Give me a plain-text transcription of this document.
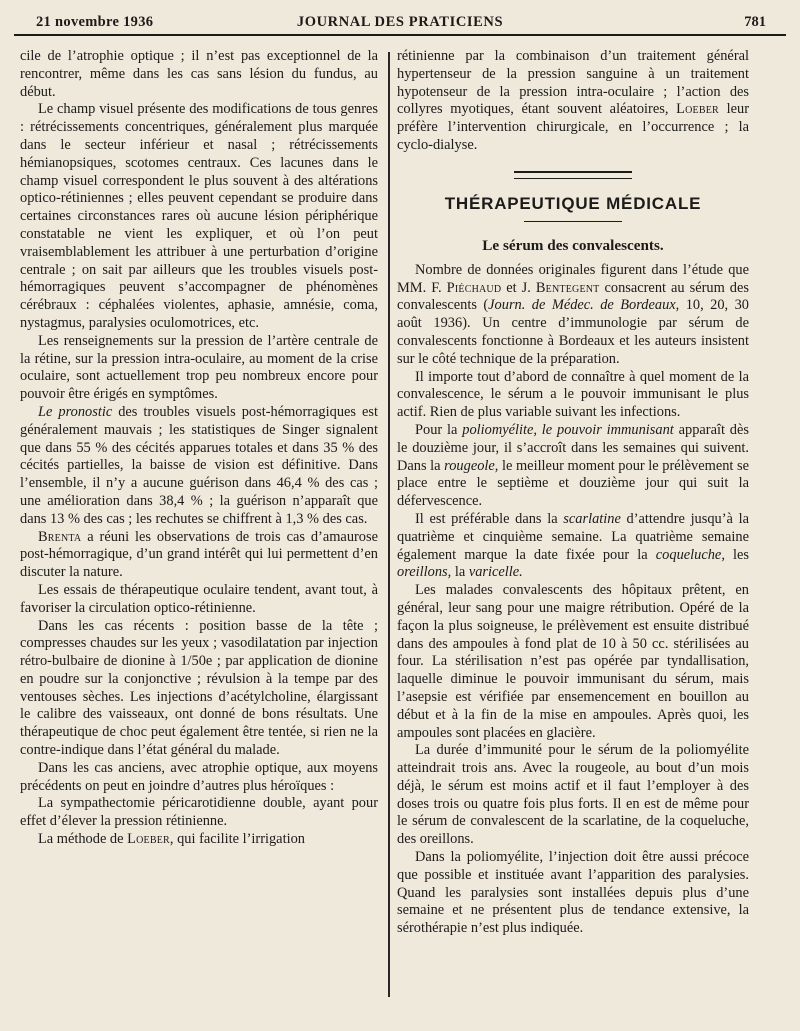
21 novembre 1936	JOURNAL DES PRATICIENS	781

cile de l’atrophie optique ; il n’est pas exceptionnel de la rencontrer, même dans les cas sans lésion du fundus, au début.

Le champ visuel présente des modifications de tous genres : rétrécissements concentriques, généralement plus marquée dans le secteur inférieur et nasal ; rétrécissements hémianopsiques, scotomes centraux. Ces lacunes dans le champ visuel correspondent le plus souvent à des altérations optico-rétiniennes ; elles peuvent cependant se produire dans certaines circonstances rares où aucune lésion périphérique constatable ne vient les expliquer, et où l’on peut vraisemblablement les attribuer à une perturbation d’origine centrale ; on sait par ailleurs que les troubles visuels post-hémorragiques peuvent s’accompagner de phénomènes cérébraux : céphalées violentes, aphasie, amnésie, coma, nystagmus, paralysies oculomotrices, etc.

Les renseignements sur la pression de l’artère centrale de la rétine, sur la pression intra-oculaire, au moment de la crise oculaire, sont actuellement trop peu nombreux encore pour pouvoir être érigés en symptômes.

Le pronostic des troubles visuels post-hémorragiques est généralement mauvais ; les statistiques de Singer signalent que dans 55 % des cécités apparues totales et dans 35 % des cécités partielles, la baisse de vision est définitive. Dans l’ensemble, il n’y a aucune guérison dans 46,4 % des cas ; une amélioration dans 38,4 % ; la guérison n’apparaît que dans 13 % des cas ; les rechutes se chiffrent à 1,3 % des cas.

Brenta a réuni les observations de trois cas d’amaurose post-hémorragique, d’un grand intérêt qui lui permettent d’en discuter la nature.

Les essais de thérapeutique oculaire tendent, avant tout, à favoriser la circulation optico-rétinienne.

Dans les cas récents : position basse de la tête ; compresses chaudes sur les yeux ; vasodilatation par injection rétro-bulbaire de dionine à 1/50e ; par application de dionine en poudre sur la conjonctive ; révulsion à la tempe par des ventouses sèches. Les injections d’acétylcholine, élargissant le calibre des vaisseaux, ont donné de bons résultats. Une thérapeutique de choc peut également être tentée, si rien ne la contre-indique dans l’état général du malade.

Dans les cas anciens, avec atrophie optique, aux moyens précédents on peut en joindre d’autres plus héroïques :

La sympathectomie péricarotidienne double, ayant pour effet d’élever la pression rétinienne.

La méthode de Loeber, qui facilite l’irrigation

rétinienne par la combinaison d’un traitement général hypertenseur de la pression sanguine à un traitement hypotenseur de la pression intra-oculaire ; l’action des collyres myotiques, étant souvent aléatoires, Loeber leur préfère l’intervention chirurgicale, en l’occurrence ; la cyclo-dialyse.

THÉRAPEUTIQUE MÉDICALE
Le sérum des convalescents.

Nombre de données originales figurent dans l’étude que MM. F. Piéchaud et J. Bentegent consacrent au sérum des convalescents (Journ. de Médec. de Bordeaux, 10, 20, 30 août 1936). Un centre d’immunologie par sérum de convalescents fonctionne à Bordeaux et les auteurs insistent sur le côté technique de la préparation.

Il importe tout d’abord de connaître à quel moment de la convalescence, le sérum a le pouvoir immunisant le plus actif. Rien de plus variable suivant les infections.

Pour la poliomyélite, le pouvoir immunisant apparaît dès le douzième jour, il s’accroît dans les semaines qui suivent. Dans la rougeole, le meilleur moment pour le prélèvement se place entre le septième et douzième jour qui suit la défervescence.

Il est préférable dans la scarlatine d’attendre jusqu’à la quatrième et cinquième semaine. La quatrième semaine également marque la date fixée pour la coqueluche, les oreillons, la varicelle.

Les malades convalescents des hôpitaux prêtent, en général, leur sang pour une maigre rétribution. Opéré de la façon la plus soigneuse, le prélèvement est ensuite distribué dans des ampoules à fond plat de 10 à 50 cc. stérilisées au four. La stérilisation n’est pas opérée par tyndallisation, laquelle diminue le pouvoir immunisant du sérum, mais l’asepsie est vérifiée par ensemencement en bouillon au début et à la fin de la mise en ampoules. Après quoi, les ampoules sont placées en glacière.

La durée d’immunité pour le sérum de la poliomyélite atteindrait trois ans. Avec la rougeole, au bout d’un mois déjà, le sérum est moins actif et il faut l’employer à des doses trois ou quatre fois plus forts. Il en est de même pour le sérum de convalescent de la scarlatine, de la coqueluche, des oreillons.

Dans la poliomyélite, l’injection doit être aussi précoce que possible et instituée avant l’apparition des paralysies. Quand les paralysies sont installées depuis plus d’une semaine et ne présentent plus de tendance extensive, la sérothérapie n’est plus indiquée.
